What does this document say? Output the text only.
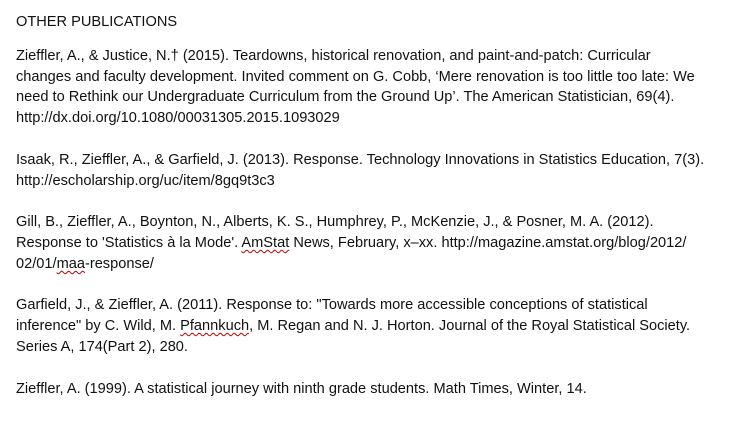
OTHER PUBLICATIONS

Zieffler, A., & Justice, N.† (2015). Teardowns, historical renovation, and paint-and-patch: Curricular changes and faculty development. Invited comment on G. Cobb, ‘Mere renovation is too little too late: We need to Rethink our Undergraduate Curriculum from the Ground Up’. The American Statistician, 69(4). http://dx.doi.org/10.1080/00031305.2015.1093029

Isaak, R., Zieffler, A., & Garfield, J. (2013). Response. Technology Innovations in Statistics Education, 7(3). http://escholarship.org/uc/item/8gq9t3c3

Gill, B., Zieffler, A., Boynton, N., Alberts, K. S., Humphrey, P., McKenzie, J., & Posner, M. A. (2012). Response to 'Statistics à la Mode'. AmStat News, February, x–xx. http://magazine.amstat.org/blog/2012/ 02/01/maa-response/

Garfield, J., & Zieffler, A. (2011). Response to: "Towards more accessible conceptions of statistical inference" by C. Wild, M. Pfannkuch, M. Regan and N. J. Horton. Journal of the Royal Statistical Society. Series A, 174(Part 2), 280.

Zieffler, A. (1999). A statistical journey with ninth grade students. Math Times, Winter, 14.
